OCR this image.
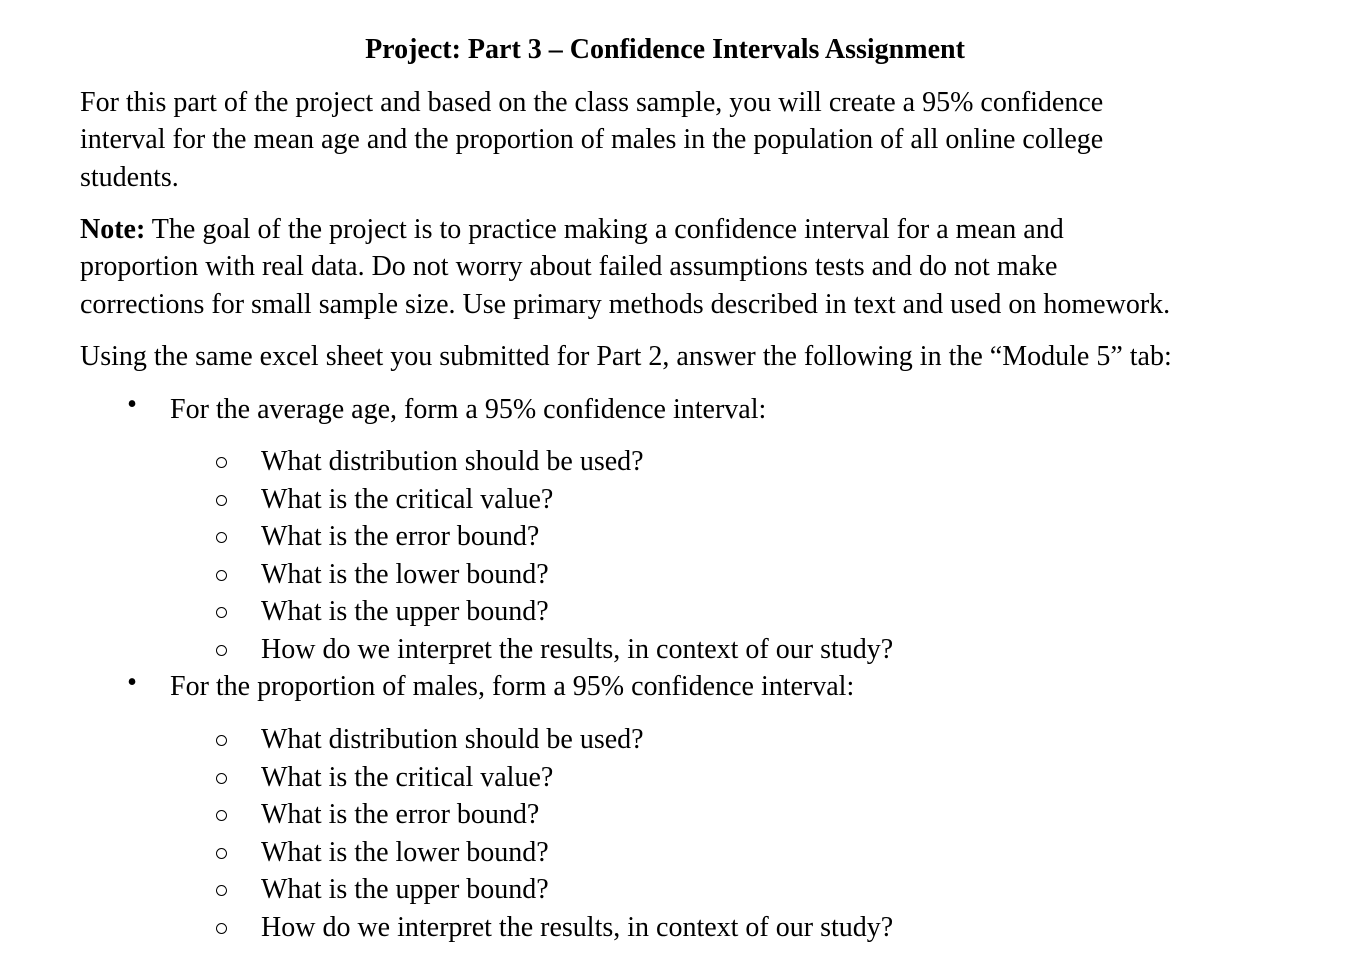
Project: Part 3 – Confidence Intervals Assignment

For this part of the project and based on the class sample, you will create a 95% confidence
interval for the mean age and the proportion of males in the population of all online college
students.

Note: The goal of the project is to practice making a confidence interval for a mean and
proportion with real data. Do not worry about failed assumptions tests and do not make
corrections for small sample size. Use primary methods described in text and used on homework.

Using the same excel sheet you submitted for Part 2, answer the following in the “Module 5” tab:

• For the average age, form a 95% confidence interval:
What distribution should be used?
What is the critical value?
What is the error bound?
What is the lower bound?
What is the upper bound?
How do we interpret the results, in context of our study?
• For the proportion of males, form a 95% confidence interval:
What distribution should be used?
What is the critical value?
What is the error bound?
What is the lower bound?
What is the upper bound?
How do we interpret the results, in context of our study?
